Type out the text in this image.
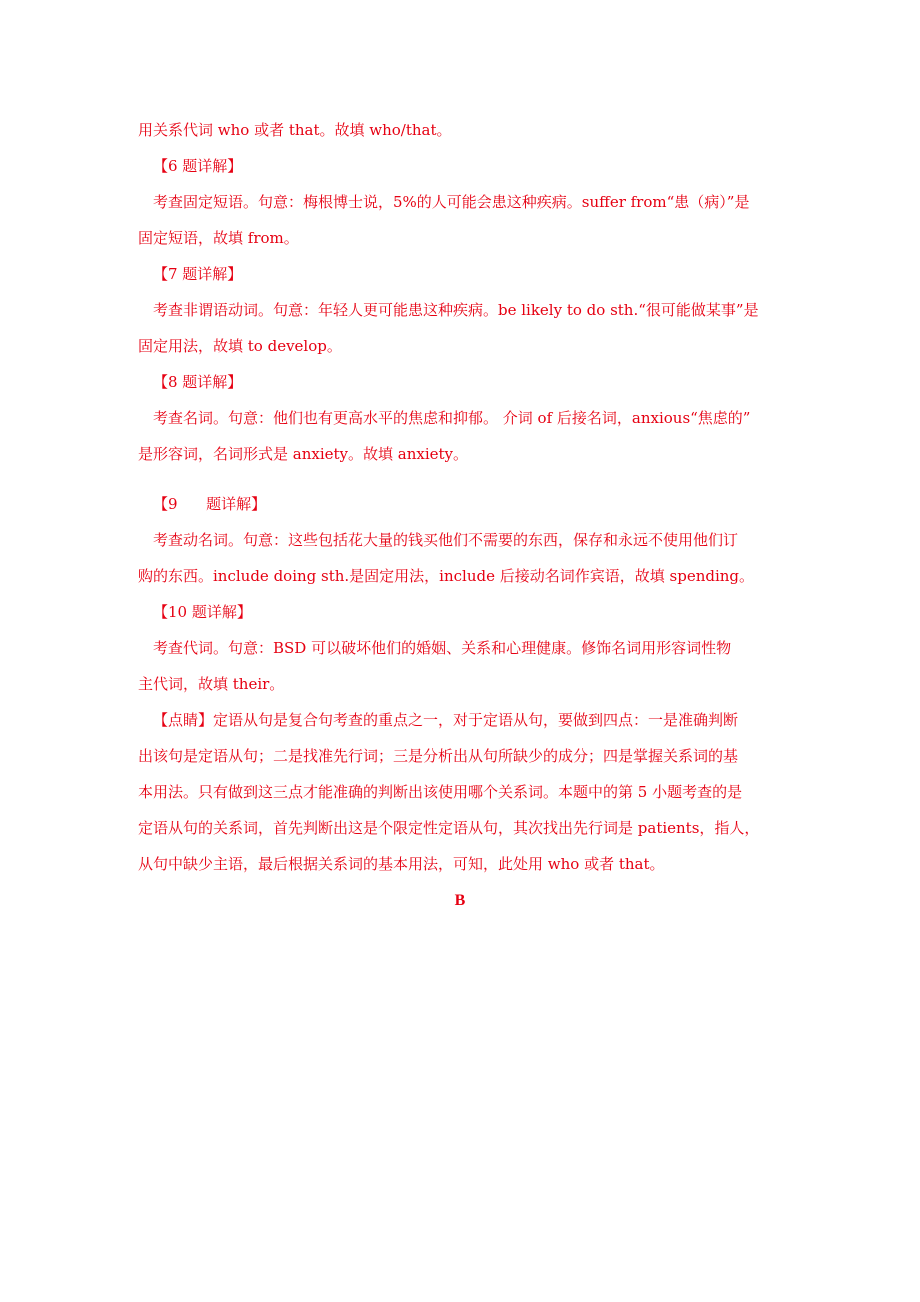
用关系代词 who 或者 that。故填 who/that。
【6 题详解】
考查固定短语。句意：梅根博士说，5%的人可能会患这种疾病。suffer from“患（病）”是
固定短语，故填 from。
【7 题详解】
考查非谓语动词。句意：年轻人更可能患这种疾病。be likely to do sth.“很可能做某事”是
固定用法，故填 to develop。
【8 题详解】
考查名词。句意：他们也有更高水平的焦虑和抑郁。 介词 of 后接名词，anxious“焦虑的”
是形容词，名词形式是 anxiety。故填 anxiety。
【9      题详解】
考查动名词。句意：这些包括花大量的钱买他们不需要的东西，保存和永远不使用他们订
购的东西。include doing sth.是固定用法，include 后接动名词作宾语，故填 spending。
【10 题详解】
考查代词。句意：BSD 可以破坏他们的婚姻、关系和心理健康。修饰名词用形容词性物
主代词，故填 their。
【点睛】定语从句是复合句考查的重点之一，对于定语从句，要做到四点：一是准确判断
出该句是定语从句；二是找准先行词；三是分析出从句所缺少的成分；四是掌握关系词的基
本用法。只有做到这三点才能准确的判断出该使用哪个关系词。本题中的第 5 小题考查的是
定语从句的关系词，首先判断出这是个限定性定语从句，其次找出先行词是 patients，指人，
从句中缺少主语，最后根据关系词的基本用法，可知，此处用 who 或者 that。
B
